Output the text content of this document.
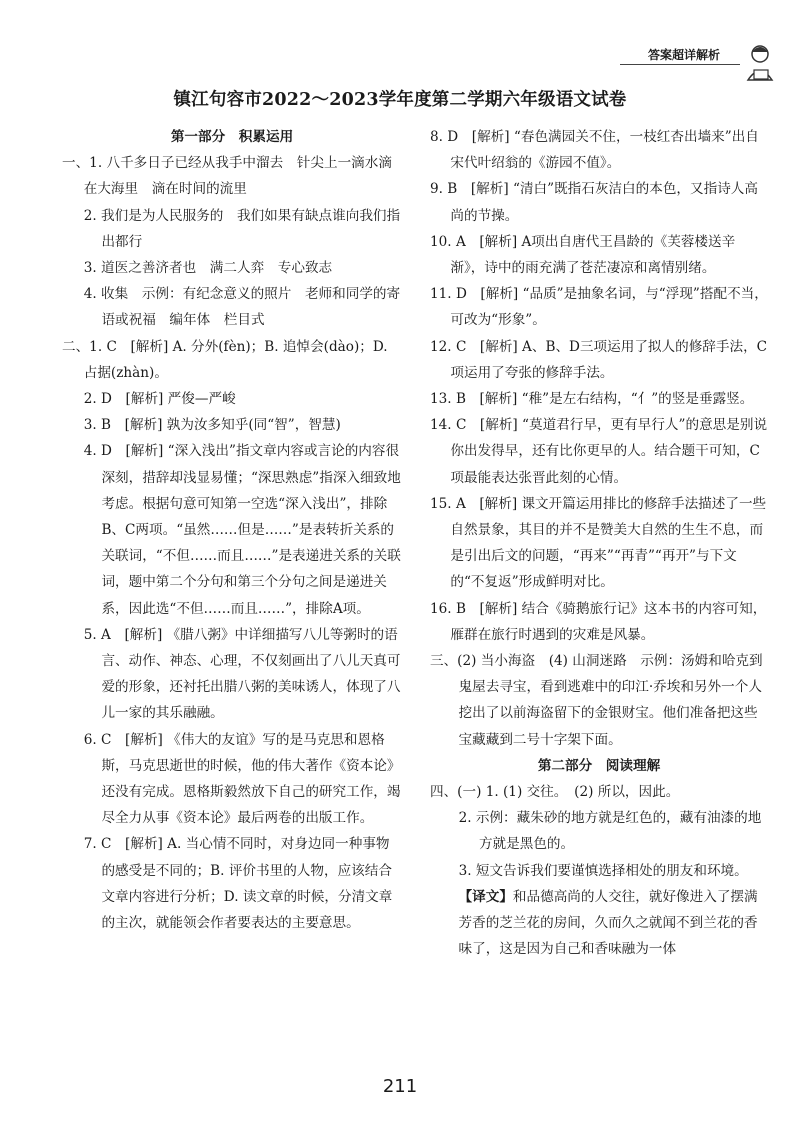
答案超详解析
镇江句容市2022～2023学年度第二学期六年级语文试卷

第一部分　积累运用

一、1. 八千多日子已经从我手中溜去　针尖上一滴水滴在大海里　滴在时间的流里

2. 我们是为人民服务的　我们如果有缺点谁向我们指出都行

3. 道医之善济者也　满二人弈　专心致志

4. 收集　示例：有纪念意义的照片　老师和同学的寄语或祝福　编年体　栏目式

二、1. C　[解析] A. 分外(fèn)；B. 追悼会(dào)；D. 占据(zhàn)。

2. D　[解析] 严俊—严峻

3. B　[解析] 孰为汝多知乎(同“智”，智慧)

4. D　[解析] “深入浅出”指文章内容或言论的内容很深刻，措辞却浅显易懂；“深思熟虑”指深入细致地考虑。根据句意可知第一空选“深入浅出”，排除B、C两项。“虽然……但是……”是表转折关系的关联词，“不但……而且……”是表递进关系的关联词，题中第二个分句和第三个分句之间是递进关系，因此选“不但……而且……”，排除A项。

5. A　[解析] 《腊八粥》中详细描写八儿等粥时的语言、动作、神态、心理，不仅刻画出了八儿天真可爱的形象，还衬托出腊八粥的美味诱人，体现了八儿一家的其乐融融。

6. C　[解析] 《伟大的友谊》写的是马克思和恩格斯，马克思逝世的时候，他的伟大著作《资本论》还没有完成。恩格斯毅然放下自己的研究工作，竭尽全力从事《资本论》最后两卷的出版工作。

7. C　[解析] A. 当心情不同时，对身边同一种事物的感受是不同的；B. 评价书里的人物，应该结合文章内容进行分析；D. 读文章的时候，分清文章的主次，就能领会作者要表达的主要意思。

8. D　[解析] “春色满园关不住，一枝红杏出墙来”出自宋代叶绍翁的《游园不值》。

9. B　[解析] “清白”既指石灰洁白的本色，又指诗人高尚的节操。

10. A　[解析] A项出自唐代王昌龄的《芙蓉楼送辛渐》，诗中的雨充满了苍茫凄凉和离情别绪。

11. D　[解析] “品质”是抽象名词，与“浮现”搭配不当，可改为“形象”。

12. C　[解析] A、B、D三项运用了拟人的修辞手法，C项运用了夸张的修辞手法。

13. B　[解析] “稚”是左右结构，“亻”的竖是垂露竖。

14. C　[解析] “莫道君行早，更有早行人”的意思是别说你出发得早，还有比你更早的人。结合题干可知，C项最能表达张晋此刻的心情。

15. A　[解析] 课文开篇运用排比的修辞手法描述了一些自然景象，其目的并不是赞美大自然的生生不息，而是引出后文的问题，“再来”“再青”“再开”与下文的“不复返”形成鲜明对比。

16. B　[解析] 结合《骑鹅旅行记》这本书的内容可知，雁群在旅行时遇到的灾难是风暴。

三、(2) 当小海盗　(4) 山洞迷路　示例：汤姆和哈克到鬼屋去寻宝，看到逃难中的印江·乔埃和另外一个人挖出了以前海盗留下的金银财宝。他们准备把这些宝藏藏到二号十字架下面。

第二部分　阅读理解

四、(一) 1. (1) 交往。　(2) 所以，因此。

2. 示例：藏朱砂的地方就是红色的，藏有油漆的地方就是黑色的。

3. 短文告诉我们要谨慎选择相处的朋友和环境。

【译文】和品德高尚的人交往，就好像进入了摆满芳香的芝兰花的房间，久而久之就闻不到兰花的香味了，这是因为自己和香味融为一体

211
